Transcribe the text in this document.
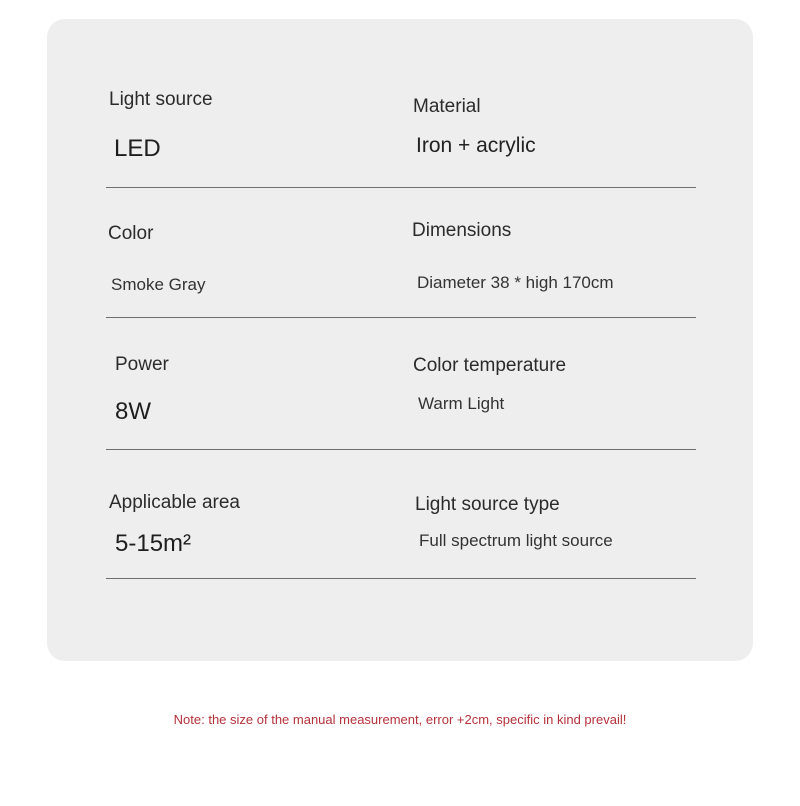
Light source
LED
Material
Iron + acrylic
Color
Smoke Gray
Dimensions
Diameter 38 * high 170cm
Power
8W
Color temperature
Warm Light
Applicable area
5-15m²
Light source type
Full spectrum light source
Note: the size of the manual measurement, error +2cm, specific in kind prevail!
